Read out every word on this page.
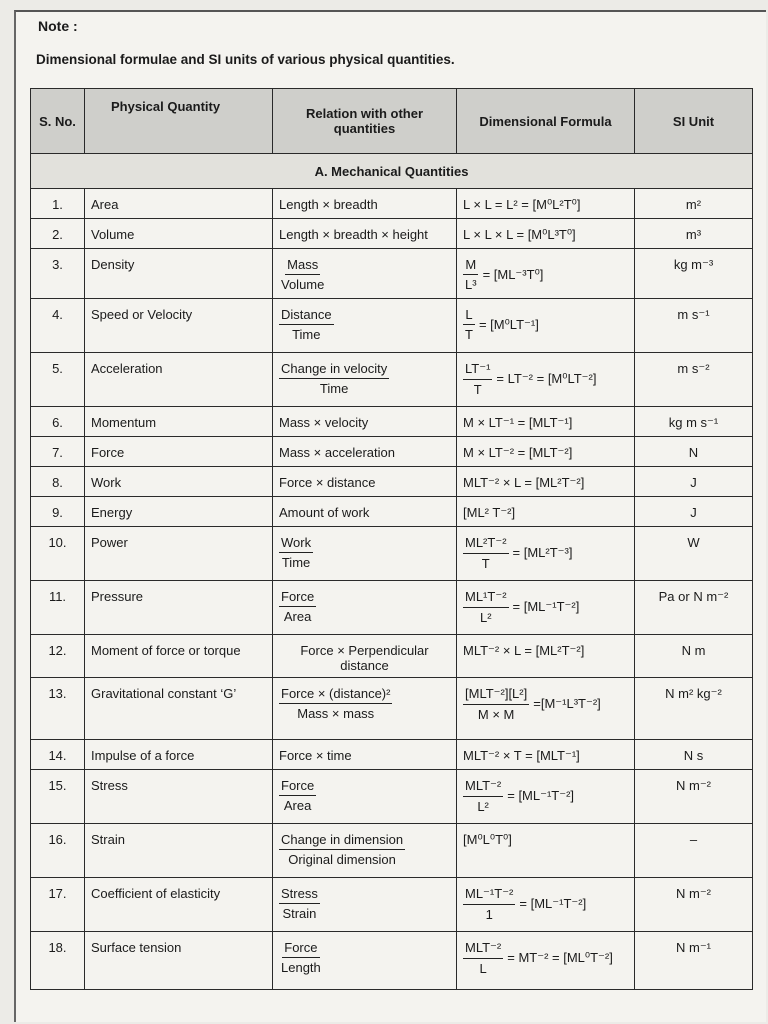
Note :
Dimensional formulae and SI units of various physical quantities.
S. No.	Physical Quantity	Relation with other quantities	Dimensional Formula	SI Unit
A. Mechanical Quantities				
1.	Area	Length × breadth	L × L = L² = [M⁰L²T⁰]	m²
2.	Volume	Length × breadth × height	L × L × L = [M⁰L³T⁰]	m³
3.	Density	$\frac{\text{Mass}}{\text{Volume}}$	$\frac{M}{\text{L³}} = [ML^{-3}T^0]$	kg m⁻³
4.	Speed or Velocity	$\frac{\text{Distance}}{\text{Time}}$	$\frac{L}{T} = [M^0LT^{-1}]$	m s⁻¹
5.	Acceleration	$\frac{\text{Change in velocity}}{\text{Time}}$	$\frac{\text{LT⁻¹}}{T} = LT^{-2} = [M^0LT^{-2}]$	m s⁻²
6.	Momentum	Mass × velocity	M × LT⁻¹ = [MLT⁻¹]	kg m s⁻¹
7.	Force	Mass × acceleration	M × LT⁻² = [MLT⁻²]	N
8.	Work	Force × distance	MLT⁻² × L = [ML²T⁻²]	J
9.	Energy	Amount of work	[ML² T⁻²]	J
10.	Power	$\frac{\text{Work}}{\text{Time}}$	$\frac{\text{ML²T⁻²}}{T} = [ML^2T^{-3}]$	W
11.	Pressure	$\frac{\text{Force}}{\text{Area}}$	$\frac{\text{ML¹T⁻²}}{\text{L²}} = [ML^{-1}T^{-2}]$	Pa or N m⁻²
12.	Moment of force or torque	Force × Perpendicular distance	MLT⁻² × L = [ML²T⁻²]	N m
13.	Gravitational constant ‘G’	$\frac{\text{Force × (distance)²}}{\text{Mass × mass}}$	$\frac{\text{[MLT⁻²][L²]}}{M \times M} =[M^{-1}L^3T^{-2}]$	N m² kg⁻²
14.	Impulse of a force	Force × time	MLT⁻² × T = [MLT⁻¹]	N s
15.	Stress	$\frac{\text{Force}}{\text{Area}}$	$\frac{\text{MLT⁻²}}{\text{L²}} = [ML^{-1}T^{-2}]$	N m⁻²
16.	Strain	$\frac{\text{Change in dimension}}{\text{Original dimension}}$	[M⁰L⁰T⁰]	–
17.	Coefficient of elasticity	$\frac{\text{Stress}}{\text{Strain}}$	$\frac{\text{ML⁻¹T⁻²}}{1} = [ML^{-1}T^{-2}]$	N m⁻²
18.	Surface tension	$\frac{\text{Force}}{\text{Length}}$	$\frac{\text{MLT⁻²}}{L} = MT^{-2} = [ML^0T^{-2}]$	N m⁻¹
